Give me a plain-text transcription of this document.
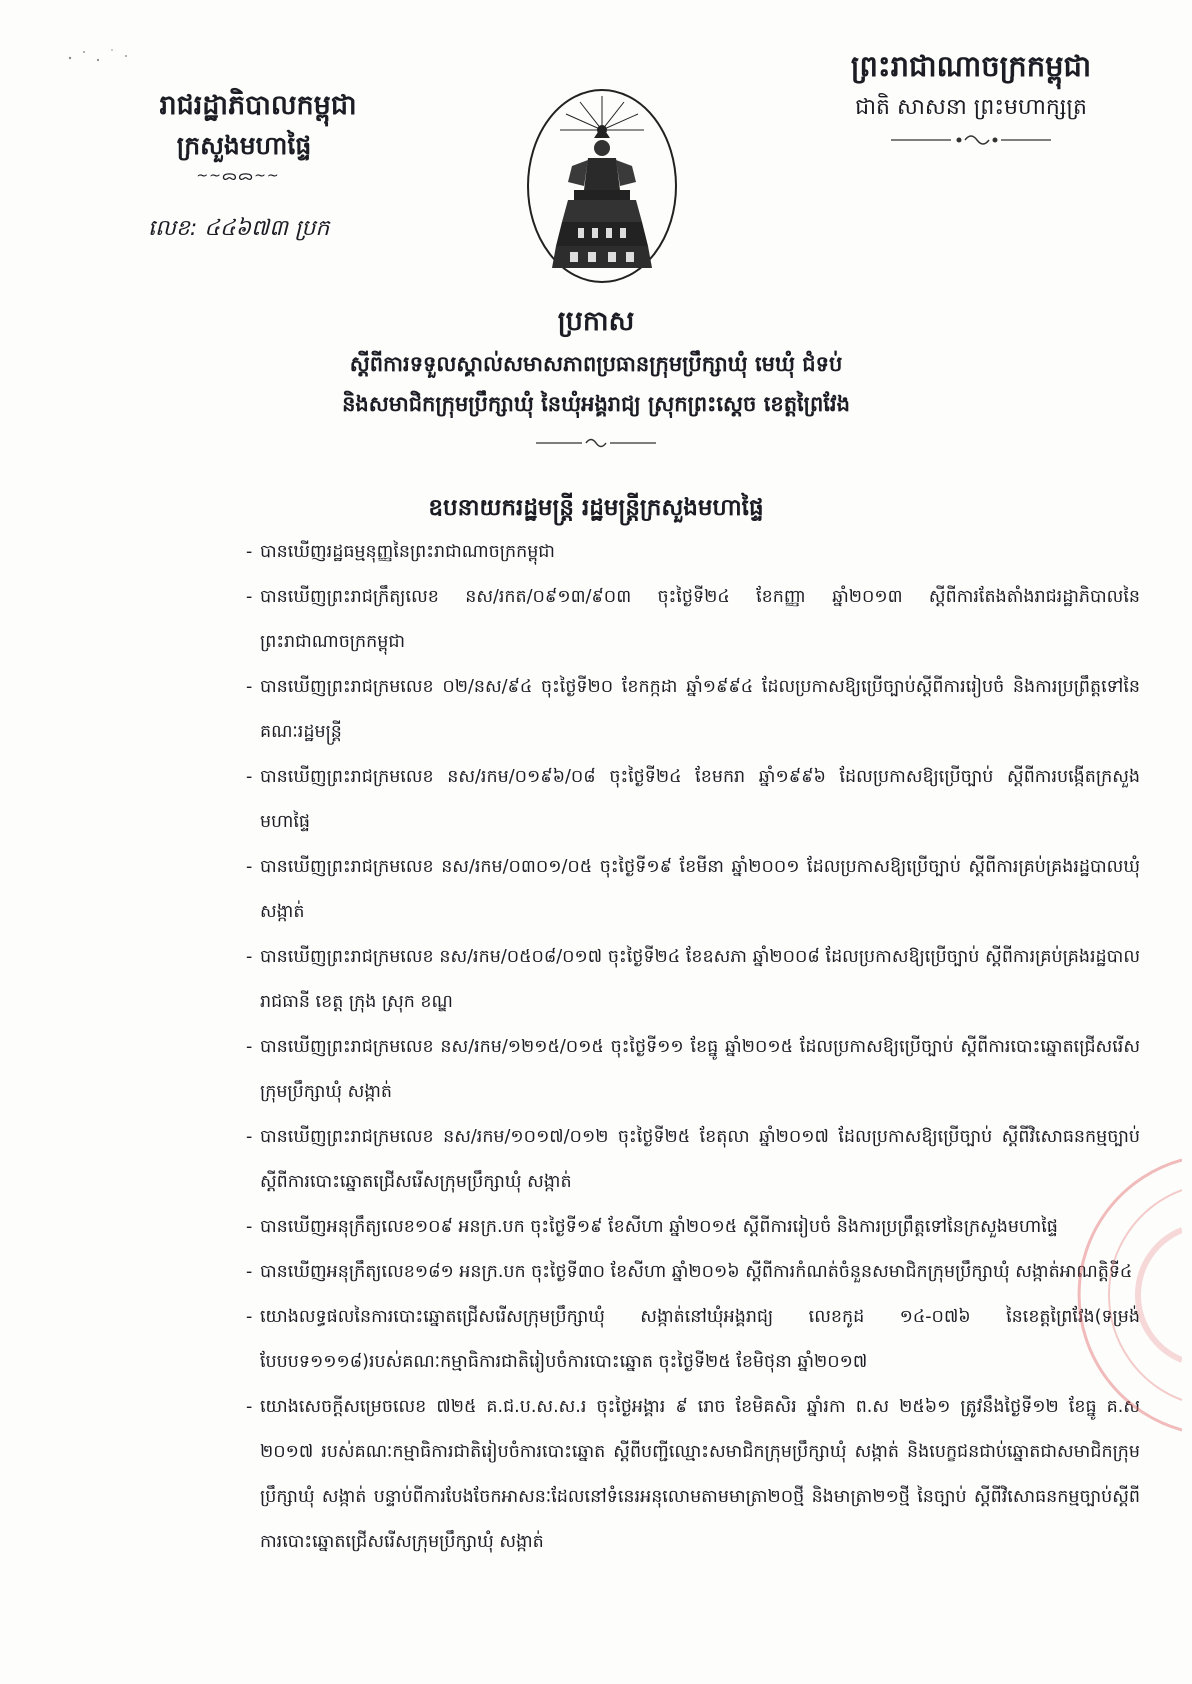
រាជរដ្ឋាភិបាលកម្ពុជា
ក្រសួងមហាផ្ទៃ
~~ᯅᯅ~~
លេខ: ៤៤៦៧៣ ប្រក
ព្រះរាជាណាចក្រកម្ពុជា
ជាតិ សាសនា ព្រះមហាក្សត្រ
ប្រកាស
ស្ដីពីការទទួលស្គាល់សមាសភាពប្រធានក្រុមប្រឹក្សាឃុំ មេឃុំ ជំទប់
និងសមាជិកក្រុមប្រឹក្សាឃុំ នៃឃុំអង្គរាជ្យ ស្រុកព្រះស្ដេច ខេត្តព្រៃវែង
ឧបនាយករដ្ឋមន្ត្រី រដ្ឋមន្ត្រីក្រសួងមហាផ្ទៃ
- បានឃើញរដ្ឋធម្មនុញ្ញនៃព្រះរាជាណាចក្រកម្ពុជា
- បានឃើញព្រះរាជក្រឹត្យលេខ នស/រកត/០៩១៣/៩០៣ ចុះថ្ងៃទី២៤ ខែកញ្ញា ឆ្នាំ២០១៣ ស្ដីពីការតែងតាំងរាជរដ្ឋាភិបាលនៃព្រះរាជាណាចក្រកម្ពុជា
- បានឃើញព្រះរាជក្រមលេខ ០២/នស/៩៤ ចុះថ្ងៃទី២០ ខែកក្កដា ឆ្នាំ១៩៩៤ ដែលប្រកាសឱ្យប្រើច្បាប់ស្ដីពីការរៀបចំ និងការប្រព្រឹត្តទៅនៃគណៈរដ្ឋមន្ត្រី
- បានឃើញព្រះរាជក្រមលេខ នស/រកម/០១៩៦/០៨ ចុះថ្ងៃទី២៤ ខែមករា ឆ្នាំ១៩៩៦ ដែលប្រកាសឱ្យប្រើច្បាប់ ស្ដីពីការបង្កើតក្រសួងមហាផ្ទៃ
- បានឃើញព្រះរាជក្រមលេខ នស/រកម/០៣០១/០៥ ចុះថ្ងៃទី១៩ ខែមីនា ឆ្នាំ២០០១ ដែលប្រកាសឱ្យប្រើច្បាប់ ស្ដីពីការគ្រប់គ្រងរដ្ឋបាលឃុំ សង្កាត់
- បានឃើញព្រះរាជក្រមលេខ នស/រកម/០៥០៨/០១៧ ចុះថ្ងៃទី២៤ ខែឧសភា ឆ្នាំ២០០៨ ដែលប្រកាសឱ្យប្រើច្បាប់ ស្ដីពីការគ្រប់គ្រងរដ្ឋបាលរាជធានី ខេត្ត ក្រុង ស្រុក ខណ្ឌ
- បានឃើញព្រះរាជក្រមលេខ នស/រកម/១២១៥/០១៥ ចុះថ្ងៃទី១១ ខែធ្នូ ឆ្នាំ២០១៥ ដែលប្រកាសឱ្យប្រើច្បាប់ ស្ដីពីការបោះឆ្នោតជ្រើសរើសក្រុមប្រឹក្សាឃុំ សង្កាត់
- បានឃើញព្រះរាជក្រមលេខ នស/រកម/១០១៧/០១២ ចុះថ្ងៃទី២៥ ខែតុលា ឆ្នាំ២០១៧ ដែលប្រកាសឱ្យប្រើច្បាប់ ស្ដីពីវិសោធនកម្មច្បាប់ស្ដីពីការបោះឆ្នោតជ្រើសរើសក្រុមប្រឹក្សាឃុំ សង្កាត់
- បានឃើញអនុក្រឹត្យលេខ១០៩ អនក្រ.បក ចុះថ្ងៃទី១៩ ខែសីហា ឆ្នាំ២០១៥ ស្ដីពីការរៀបចំ និងការប្រព្រឹត្តទៅនៃក្រសួងមហាផ្ទៃ
- បានឃើញអនុក្រឹត្យលេខ១៨១ អនក្រ.បក ចុះថ្ងៃទី៣០ ខែសីហា ឆ្នាំ២០១៦ ស្ដីពីការកំណត់ចំនួនសមាជិកក្រុមប្រឹក្សាឃុំ សង្កាត់អាណត្តិទី៤
- យោងលទ្ធផលនៃការបោះឆ្នោតជ្រើសរើសក្រុមប្រឹក្សាឃុំ សង្កាត់នៅឃុំអង្គរាជ្យ លេខកូដ ១៤-០៧៦ នៃខេត្តព្រៃវែង(ទម្រង់បែបបទ១១១៨)របស់គណៈកម្មាធិការជាតិរៀបចំការបោះឆ្នោត ចុះថ្ងៃទី២៥ ខែមិថុនា ឆ្នាំ២០១៧
- យោងសេចក្ដីសម្រេចលេខ ៧២៥ គ.ជ.ប.ស.ស.រ ចុះថ្ងៃអង្គារ ៩ រោច ខែមិគសិរ ឆ្នាំរកា ព.ស ២៥៦១ ត្រូវនឹងថ្ងៃទី១២ ខែធ្នូ គ.ស ២០១៧ របស់គណៈកម្មាធិការជាតិរៀបចំការបោះឆ្នោត ស្ដីពីបញ្ជីឈ្មោះសមាជិកក្រុមប្រឹក្សាឃុំ សង្កាត់ និងបេក្ខជនជាប់ឆ្នោតជាសមាជិកក្រុមប្រឹក្សាឃុំ សង្កាត់ បន្ទាប់ពីការបែងចែកអាសនៈដែលនៅទំនេរអនុលោមតាមមាត្រា២០ថ្មី និងមាត្រា២១ថ្មី នៃច្បាប់ ស្ដីពីវិសោធនកម្មច្បាប់ស្ដីពីការបោះឆ្នោតជ្រើសរើសក្រុមប្រឹក្សាឃុំ សង្កាត់
